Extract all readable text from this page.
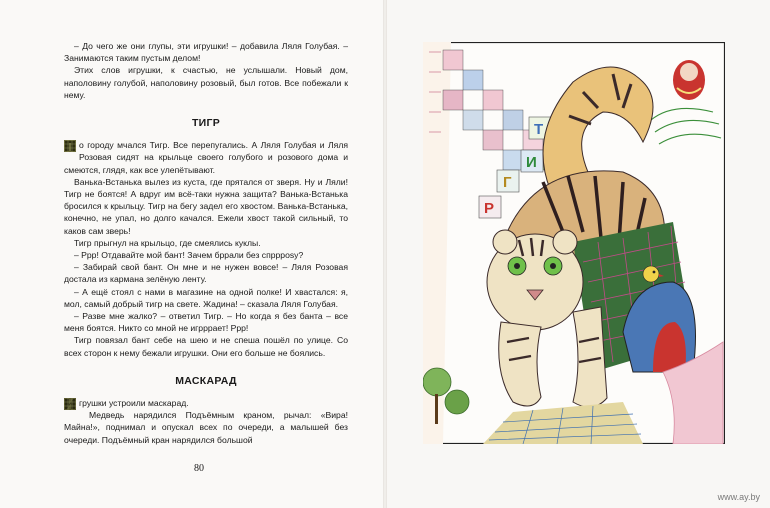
– До чего же они глупы, эти игрушки! – добавила Ляля Голубая. – Занимаются таким пустым делом!

Этих слов игрушки, к счастью, не услышали. Новый дом, наполовину голубой, наполовину розовый, был готов. Все побежали к нему.

ТИГР

о городу мчался Тигр. Все перепугались. А Ляля Голубая и Ляля Розовая сидят на крыльце своего голубого и розового дома и смеются, глядя, как все улепётывают.

Ванька-Встанька вылез из куста, где прятался от зверя. Ну и Ляли! Тигр не боятся! А вдруг им всё-таки нужна защита? Ванька-Встанька бросился к крыльцу. Тигр на бегу задел его хвостом. Ванька-Встанька, конечно, не упал, но долго качался. Ежели хвост такой сильный, то каков сам зверь!

Тигр прыгнул на крыльцо, где смеялись куклы.

– Ррр! Отдавайте мой бант! Зачем бррали без спрррosy?

– Забирай свой бант. Он мне и не нужен вовсе! – Ляля Розовая достала из кармана зелёную ленту.

– А ещё стоял с нами в магазине на одной полке! И хвастался: я, мол, самый добрый тигр на свете. Жадина! – сказала Ляля Голубая.

– Разве мне жалко? – ответил Тигр. – Но когда я без банта – все меня боятся. Никто со мной не игрррает! Ррр!

Тигр повязал бант себе на шею и не спеша пошёл по улице. Со всех сторон к нему бежали игрушки. Они его больше не боялись.

МАСКАРАД

грушки устроили маскарад.

Медведь нарядился Подъёмным краном, рычал: «Вира! Майна!», поднимал и опускал всех по очереди, а малышей без очереди. Подъёмный кран нарядился большой

80
Т
И
Г
Р
www.ay.by
